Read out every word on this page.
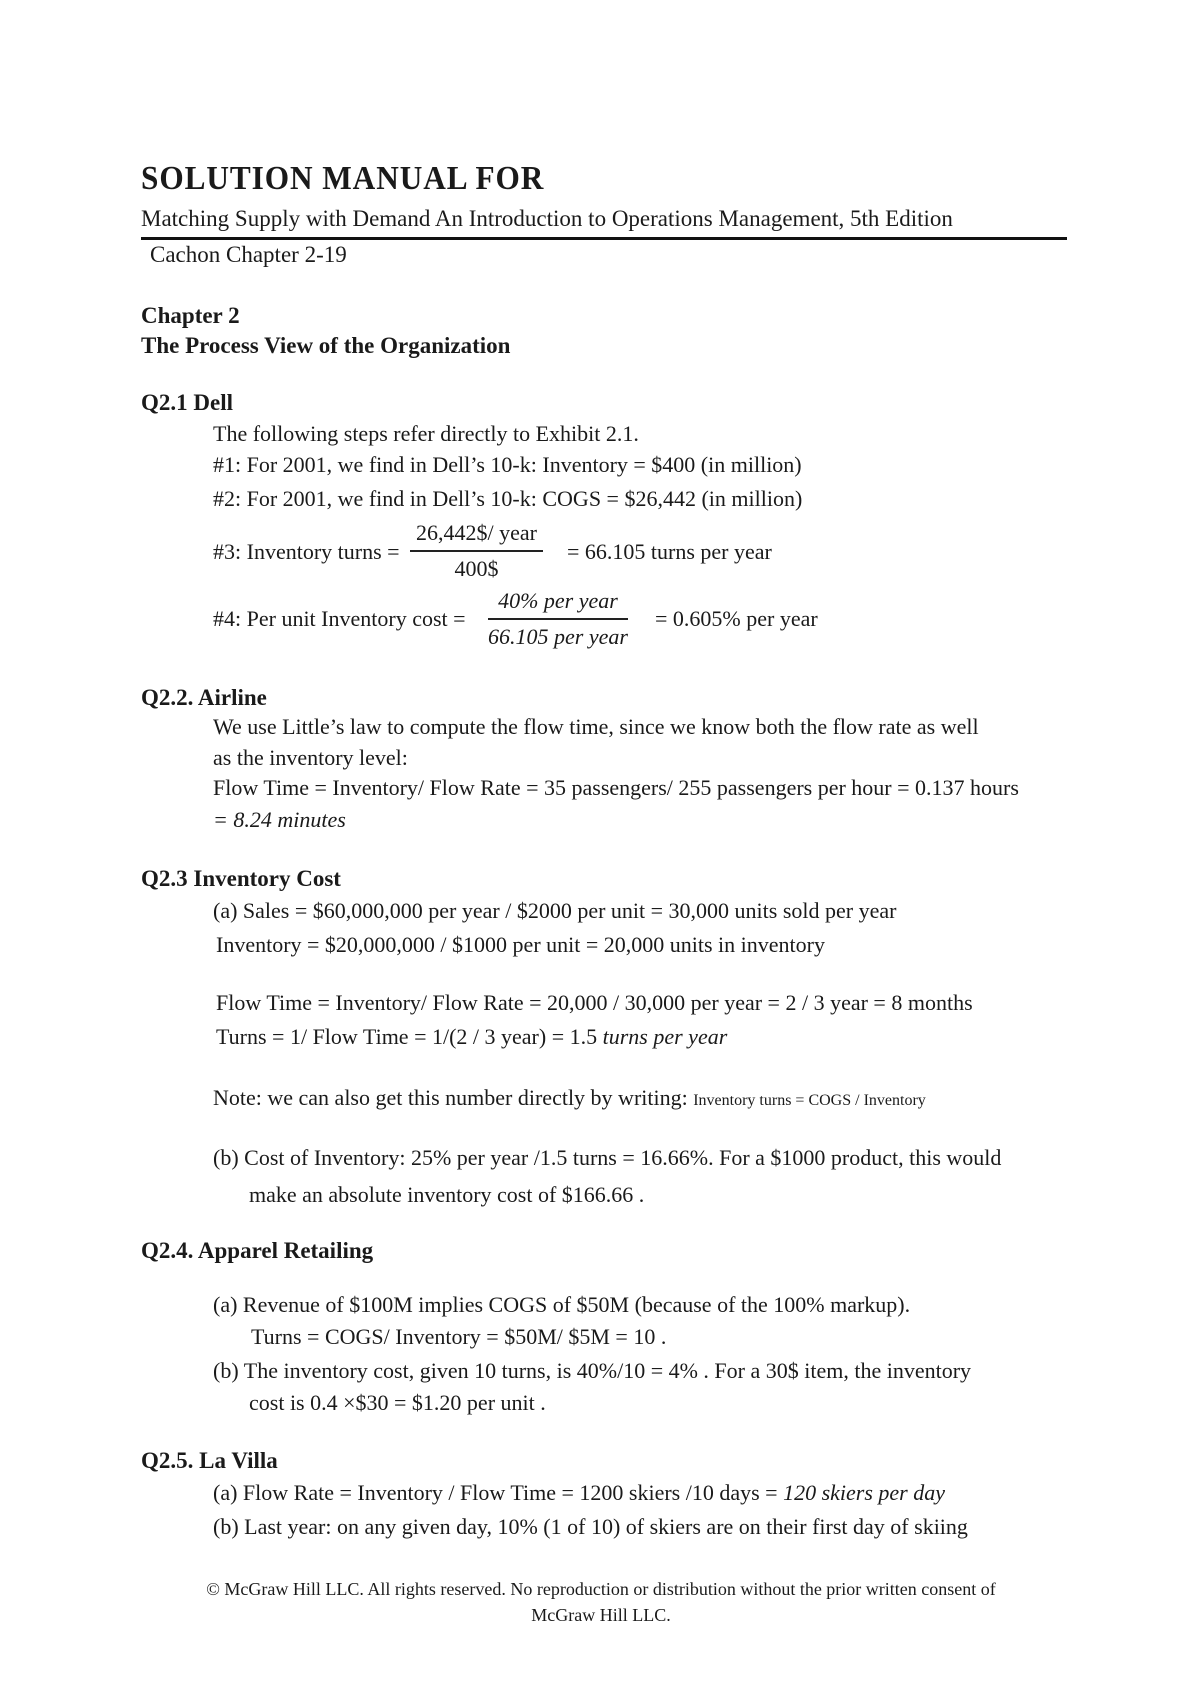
SOLUTION MANUAL FOR
Matching Supply with Demand An Introduction to Operations Management, 5th Edition
Cachon Chapter 2-19
Chapter 2
The Process View of the Organization
Q2.1 Dell
The following steps refer directly to Exhibit 2.1.
#1: For 2001, we find in Dell’s 10-k: Inventory = $400 (in million)
#2: For 2001, we find in Dell’s 10-k: COGS = $26,442 (in million)
#3: Inventory turns =
26,442$/ year
400$
= 66.105 turns per year
#4: Per unit Inventory cost =
40% per year
66.105 per year
= 0.605% per year
Q2.2. Airline
We use Little’s law to compute the flow time, since we know both the flow rate as well
as the inventory level:
Flow Time = Inventory/ Flow Rate = 35 passengers/ 255 passengers per hour = 0.137 hours
= 8.24 minutes
Q2.3 Inventory Cost
(a) Sales = $60,000,000 per year / $2000 per unit = 30,000 units sold per year
Inventory = $20,000,000 / $1000 per unit = 20,000 units in inventory
Flow Time = Inventory/ Flow Rate = 20,000 / 30,000 per year = 2 / 3 year = 8 months
Turns = 1/ Flow Time = 1/(2 / 3 year) = 1.5 turns per year
Note: we can also get this number directly by writing: Inventory turns = COGS / Inventory
(b) Cost of Inventory: 25% per year /1.5 turns = 16.66%. For a $1000 product, this would
make an absolute inventory cost of $166.66 .
Q2.4. Apparel Retailing
(a) Revenue of $100M implies COGS of $50M (because of the 100% markup).
Turns = COGS/ Inventory = $50M/ $5M = 10 .
(b) The inventory cost, given 10 turns, is 40%/10 = 4% . For a 30$ item, the inventory
cost is 0.4 ×$30 = $1.20 per unit .
Q2.5. La Villa
(a) Flow Rate = Inventory / Flow Time = 1200 skiers /10 days = 120 skiers per day
(b) Last year: on any given day, 10% (1 of 10) of skiers are on their first day of skiing
© McGraw Hill LLC. All rights reserved. No reproduction or distribution without the prior written consent of
McGraw Hill LLC.
